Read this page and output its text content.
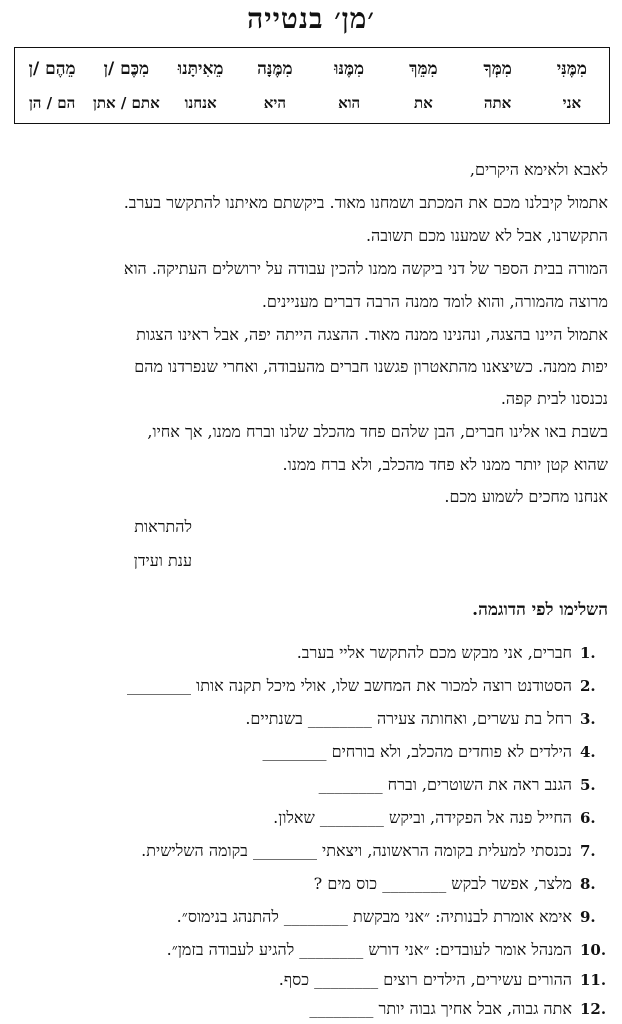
׳מן׳ בנטייה
מִמֶּנִּי
מִמְּךָ
מִמֵּךְ
מִמֶּנּוּ
מִמֶּנָּה
מֵאִיתָּנוּ
מִכֶּם /ן
מֵהֶם /ן
אני
אתה
את
הוא
היא
אנחנו
אתם / אתן
הם / הן
לאבא ולאימא היקרים,
אתמול קיבלנו מכם את המכתב ושמחנו מאוד. ביקשתם מאיתנו להתקשר בערב.
התקשרנו, אבל לא שמענו מכם תשובה.
המורה בבית הספר של דני ביקשה ממנו להכין עבודה על ירושלים העתיקה. הוא
מרוצה מהמורה, והוא לומד ממנה הרבה דברים מעניינים.
אתמול היינו בהצגה, ונהנינו ממנה מאוד. ההצגה הייתה יפה, אבל ראינו הצגות
יפות ממנה. כשיצאנו מהתאטרון פגשנו חברים מהעבודה, ואחרי שנפרדנו מהם
נכנסנו לבית קפה.
בשבת באו אלינו חברים, הבן שלהם פחד מהכלב שלנו וברח ממנו, אך אחיו,
שהוא קטן יותר ממנו לא פחד מהכלב, ולא ברח ממנו.
אנחנו מחכים לשמוע מכם.
להתראות
ענת ועידן
השלימו לפי הדוגמה.
1.
חברים, אני מבקש מכם להתקשר אליי בערב.
2.
הסטודנט רוצה למכור את המחשב שלו, אולי מיכל תקנה אותו ________
3.
רחל בת עשרים, ואחותה צעירה ________ בשנתיים.
4.
הילדים לא פוחדים מהכלב, ולא בורחים ________
5.
הגנב ראה את השוטרים, וברח ________
6.
החייל פנה אל הפקידה, וביקש ________ שאלון.
7.
נכנסתי למעלית בקומה הראשונה, ויצאתי ________ בקומה השלישית.
8.
מלצר, אפשר לבקש ________ כוס מים ?
9.
אימא אומרת לבנותיה: ״אני מבקשת ________ להתנהג בנימוס״.
10.
המנהל אומר לעובדים: ״אני דורש ________ להגיע לעבודה בזמן״.
11.
ההורים עשירים, הילדים רוצים ________ כסף.
12.
אתה גבוה, אבל אחיך גבוה יותר ________
